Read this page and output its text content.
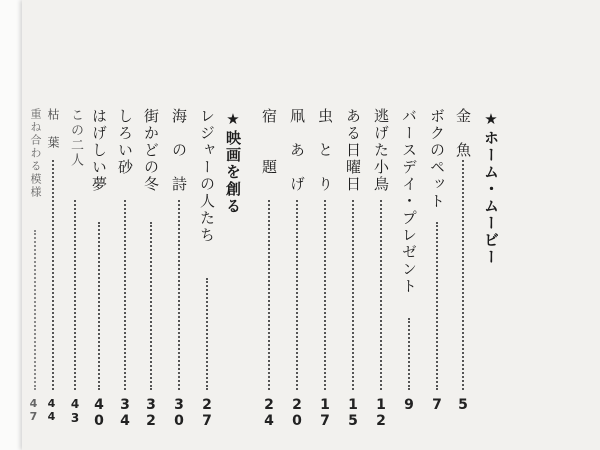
★ホーム・ムービー
金　魚
5
ボクのペット
7
バースデイ・プレゼント
9
逃げた小鳥
12
ある日曜日
15
虫　と　り
17
凧　あ　げ
20
宿　　題
24
★映画を創る
レジャーの人たち
27
海　の　詩
30
街かどの冬
32
しろい砂
34
はげしい夢
40
この二人
43
枯　葉
44
重ね合わる模様
47
